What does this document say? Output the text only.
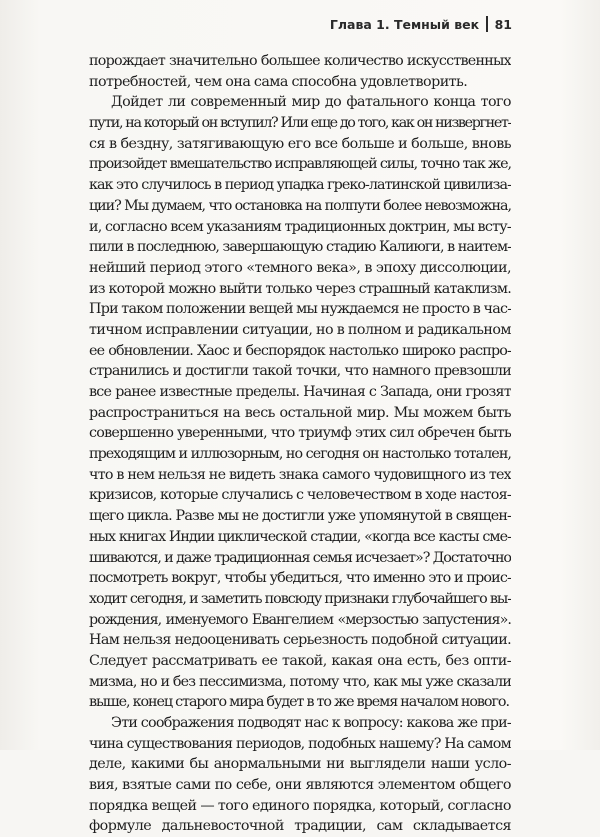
Глава 1. Темный век 81
порождает значительно большее количество искусственных
потребностей, чем она сама способна удовлетворить.
Дойдет ли современный мир до фатального конца того
пути, на который он вступил? Или еще до того, как он низвергнет-
ся в бездну, затягивающую его все больше и больше, вновь
произойдет вмешательство исправляющей силы, точно так же,
как это случилось в период упадка греко-латинской цивилиза-
ции? Мы думаем, что остановка на полпути более невозможна,
и, согласно всем указаниям традиционных доктрин, мы всту-
пили в последнюю, завершающую стадию Калиюги, в наитем-
нейший период этого «темного века», в эпоху диссолюции,
из которой можно выйти только через страшный катаклизм.
При таком положении вещей мы нуждаемся не просто в час-
тичном исправлении ситуации, но в полном и радикальном
ее обновлении. Хаос и беспорядок настолько широко распро-
странились и достигли такой точки, что намного превзошли
все ранее известные пределы. Начиная с Запада, они грозят
распространиться на весь остальной мир. Мы можем быть
совершенно уверенными, что триумф этих сил обречен быть
преходящим и иллюзорным, но сегодня он настолько тотален,
что в нем нельзя не видеть знака самого чудовищного из тех
кризисов, которые случались с человечеством в ходе настоя-
щего цикла. Разве мы не достигли уже упомянутой в священ-
ных книгах Индии циклической стадии, «когда все касты сме-
шиваются, и даже традиционная семья исчезает»? Достаточно
посмотреть вокруг, чтобы убедиться, что именно это и проис-
ходит сегодня, и заметить повсюду признаки глубочайшего вы-
рождения, именуемого Евангелием «мерзостью запустения».
Нам нельзя недооценивать серьезность подобной ситуации.
Следует рассматривать ее такой, какая она есть, без опти-
мизма, но и без пессимизма, потому что, как мы уже сказали
выше, конец старого мира будет в то же время началом нового.
Эти соображения подводят нас к вопросу: какова же при-
чина существования периодов, подобных нашему? На самом
деле, какими бы анормальными ни выглядели наши усло-
вия, взятые сами по себе, они являются элементом общего
порядка вещей — того единого порядка, который, согласно
формуле дальневосточной традиции, сам складывается
